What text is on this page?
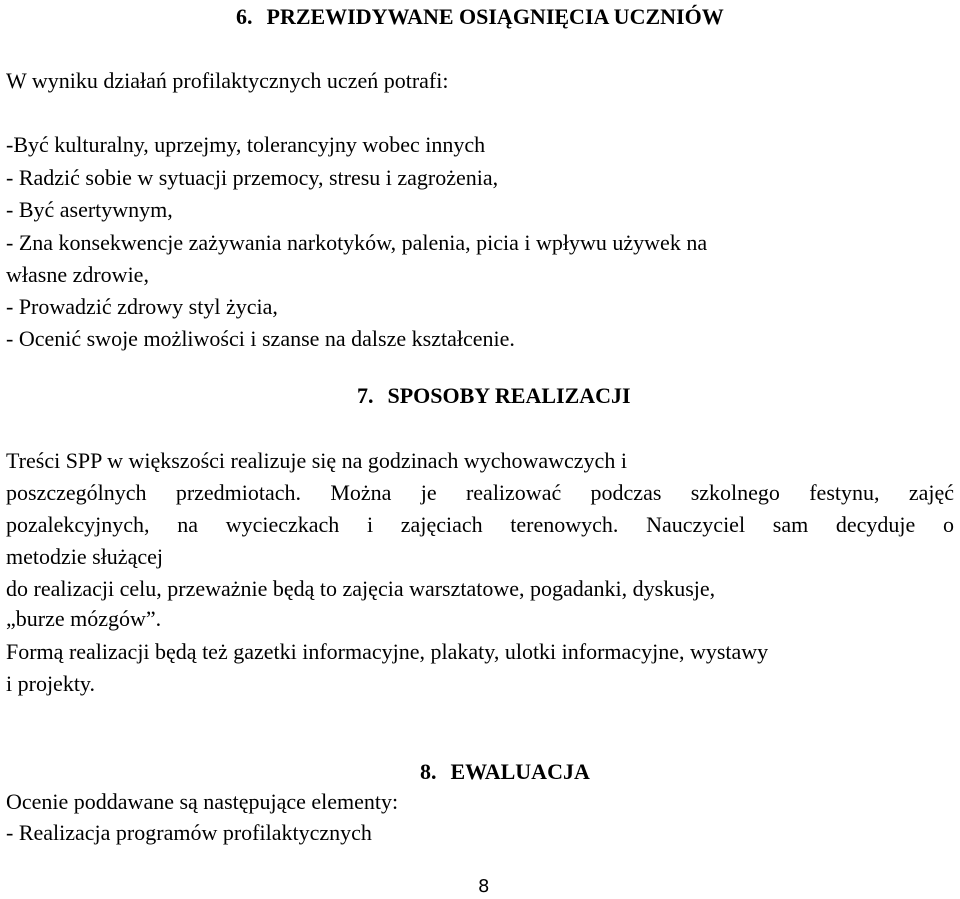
6. PRZEWIDYWANE OSIĄGNIĘCIA UCZNIÓW
W wyniku działań profilaktycznych uczeń potrafi:
-Być kulturalny, uprzejmy, tolerancyjny wobec innych
- Radzić sobie w sytuacji przemocy, stresu i zagrożenia,
- Być asertywnym,
- Zna konsekwencje zażywania narkotyków, palenia, picia i wpływu używek na
własne zdrowie,
- Prowadzić zdrowy styl życia,
- Ocenić swoje możliwości i szanse na dalsze kształcenie.
7. SPOSOBY REALIZACJI
Treści SPP w większości realizuje się na godzinach wychowawczych i
poszczególnych przedmiotach. Można je realizować podczas szkolnego festynu, zajęć
pozalekcyjnych, na wycieczkach i zajęciach terenowych. Nauczyciel sam decyduje o
metodzie służącej
do realizacji celu, przeważnie będą to zajęcia warsztatowe, pogadanki, dyskusje,
„burze mózgów”.
Formą realizacji będą też gazetki informacyjne, plakaty, ulotki informacyjne, wystawy
i projekty.
8. EWALUACJA
Ocenie poddawane są następujące elementy:
- Realizacja programów profilaktycznych
8
